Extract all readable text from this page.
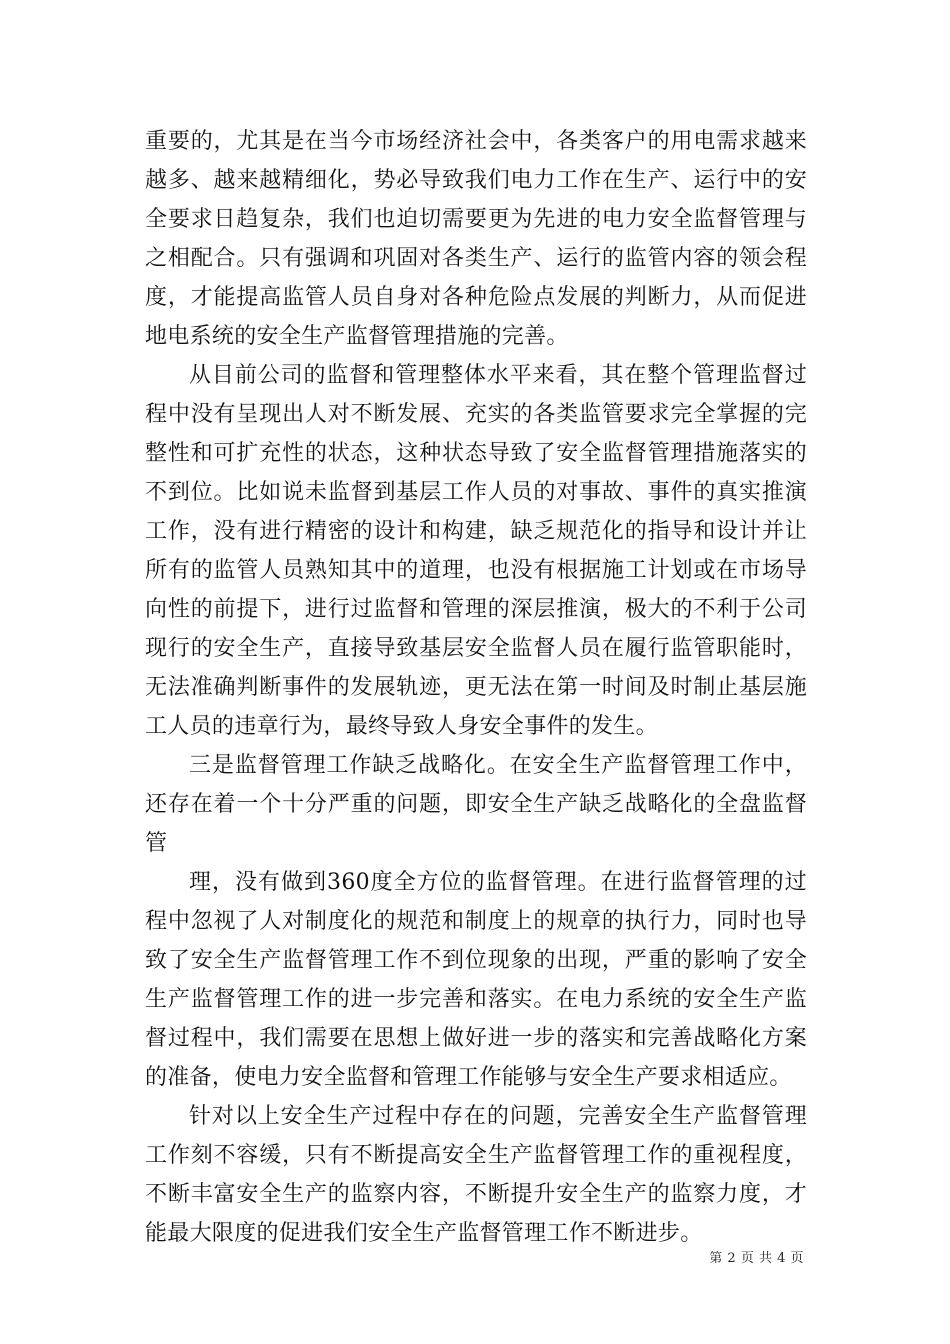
重要的，尤其是在当今市场经济社会中，各类客户的用电需求越来越多、越来越精细化，势必导致我们电力工作在生产、运行中的安全要求日趋复杂，我们也迫切需要更为先进的电力安全监督管理与之相配合。只有强调和巩固对各类生产、运行的监管内容的领会程度，才能提高监管人员自身对各种危险点发展的判断力，从而促进地电系统的安全生产监督管理措施的完善。

从目前公司的监督和管理整体水平来看，其在整个管理监督过程中没有呈现出人对不断发展、充实的各类监管要求完全掌握的完整性和可扩充性的状态，这种状态导致了安全监督管理措施落实的不到位。比如说未监督到基层工作人员的对事故、事件的真实推演工作，没有进行精密的设计和构建，缺乏规范化的指导和设计并让所有的监管人员熟知其中的道理，也没有根据施工计划或在市场导向性的前提下，进行过监督和管理的深层推演，极大的不利于公司现行的安全生产，直接导致基层安全监督人员在履行监管职能时，无法准确判断事件的发展轨迹，更无法在第一时间及时制止基层施工人员的违章行为，最终导致人身安全事件的发生。

三是监督管理工作缺乏战略化。在安全生产监督管理工作中，还存在着一个十分严重的问题，即安全生产缺乏战略化的全盘监督管

理，没有做到360度全方位的监督管理。在进行监督管理的过程中忽视了人对制度化的规范和制度上的规章的执行力，同时也导致了安全生产监督管理工作不到位现象的出现，严重的影响了安全生产监督管理工作的进一步完善和落实。在电力系统的安全生产监督过程中，我们需要在思想上做好进一步的落实和完善战略化方案的准备，使电力安全监督和管理工作能够与安全生产要求相适应。

针对以上安全生产过程中存在的问题，完善安全生产监督管理工作刻不容缓，只有不断提高安全生产监督管理工作的重视程度，不断丰富安全生产的监察内容，不断提升安全生产的监察力度，才能最大限度的促进我们安全生产监督管理工作不断进步。

第 2 页 共 4 页
